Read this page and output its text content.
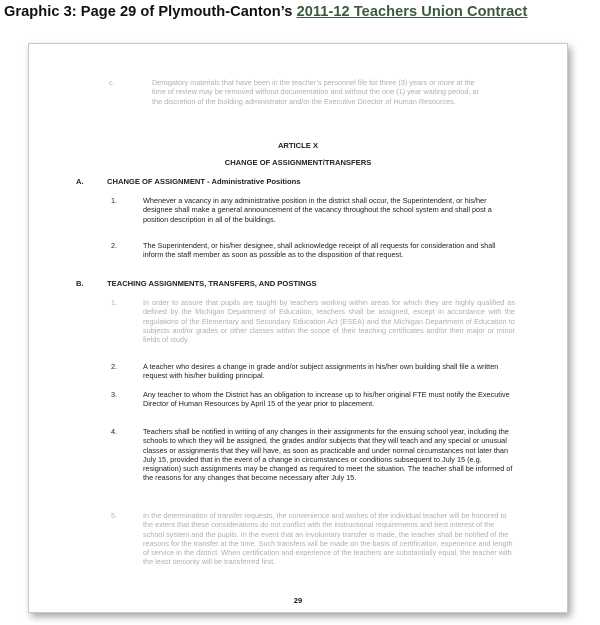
Graphic 3: Page 29 of Plymouth-Canton’s 2011-12 Teachers Union Contract
c.	Derogatory materials that have been in the teacher’s personnel file for three (3) years or more at the time of review may be removed without documentation and without the one (1) year waiting period, at the discretion of the building administrator and/or the Executive Director of Human Resources.

ARTICLE X
CHANGE OF ASSIGNMENT/TRANSFERS
A.	CHANGE OF ASSIGNMENT - Administrative Positions
1.	Whenever a vacancy in any administrative position in the district shall occur, the Superintendent, or his/her designee shall make a general announcement of the vacancy throughout the school system and shall post a position description in all of the buildings.

2.	The Superintendent, or his/her designee, shall acknowledge receipt of all requests for consideration and shall inform the staff member as soon as possible as to the disposition of that request.

B.	TEACHING ASSIGNMENTS, TRANSFERS, AND POSTINGS
1.	In order to assure that pupils are taught by teachers working within areas for which they are highly qualified as defined by the Michigan Department of Education, teachers shall be assigned, except in accordance with the regulations of the Elementary and Secondary Education Act (ESEA) and the Michigan Department of Education to subjects and/or grades or other classes within the scope of their teaching certificates and/or their major or minor fields of study.

2.	A teacher who desires a change in grade and/or subject assignments in his/her own building shall file a written request with his/her building principal.

3.	Any teacher to whom the District has an obligation to increase up to his/her original FTE must notify the Executive Director of Human Resources by April 15 of the year prior to placement.

4.	Teachers shall be notified in writing of any changes in their assignments for the ensuing school year, including the schools to which they will be assigned, the grades and/or subjects that they will teach and any special or unusual classes or assignments that they will have, as soon as practicable and under normal circumstances not later than July 15, provided that in the event of a change in circumstances or conditions subsequent to July 15 (e.g. resignation) such assignments may be changed as required to meet the situation. The teacher shall be informed of the reasons for any changes that become necessary after July 15.

5.	In the determination of transfer requests, the convenience and wishes of the individual teacher will be honored to the extent that these considerations do not conflict with the instructional requirements and best interest of the school system and the pupils. In the event that an involuntary transfer is made, the teacher shall be notified of the reasons for the transfer at the time. Such transfers will be made on the basis of certification, experience and length of service in the district. When certification and experience of the teachers are substantially equal, the teacher with the least seniority will be transferred first.

29
